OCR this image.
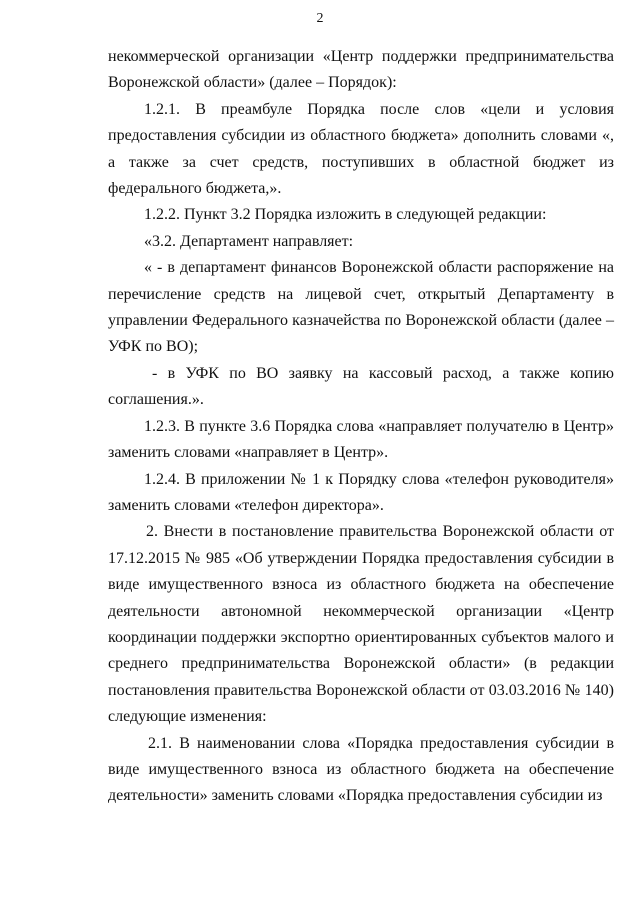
2

некоммерческой организации «Центр поддержки предпринимательства Воронежской области» (далее – Порядок):

1.2.1. В преамбуле Порядка после слов «цели и условия предоставления субсидии из областного бюджета» дополнить словами «, а также за счет средств, поступивших в областной бюджет из федерального бюджета,».

1.2.2. Пункт 3.2 Порядка изложить в следующей редакции:

«3.2. Департамент направляет:

« - в департамент финансов Воронежской области распоряжение на перечисление средств на лицевой счет, открытый Департаменту в управлении Федерального казначейства по Воронежской области (далее – УФК по ВО);

- в УФК по ВО заявку на кассовый расход, а также копию соглашения.».

1.2.3. В пункте 3.6 Порядка слова «направляет получателю в Центр» заменить словами «направляет в Центр».

1.2.4. В приложении № 1 к Порядку слова «телефон руководителя» заменить словами «телефон директора».

2. Внести в постановление правительства Воронежской области от 17.12.2015 № 985 «Об утверждении Порядка предоставления субсидии в виде имущественного взноса из областного бюджета на обеспечение деятельности автономной некоммерческой организации «Центр координации поддержки экспортно ориентированных субъектов малого и среднего предпринимательства Воронежской области» (в редакции постановления правительства Воронежской области от 03.03.2016 № 140) следующие изменения:

2.1. В наименовании слова «Порядка предоставления субсидии в виде имущественного взноса из областного бюджета на обеспечение деятельности» заменить словами «Порядка предоставления субсидии из
